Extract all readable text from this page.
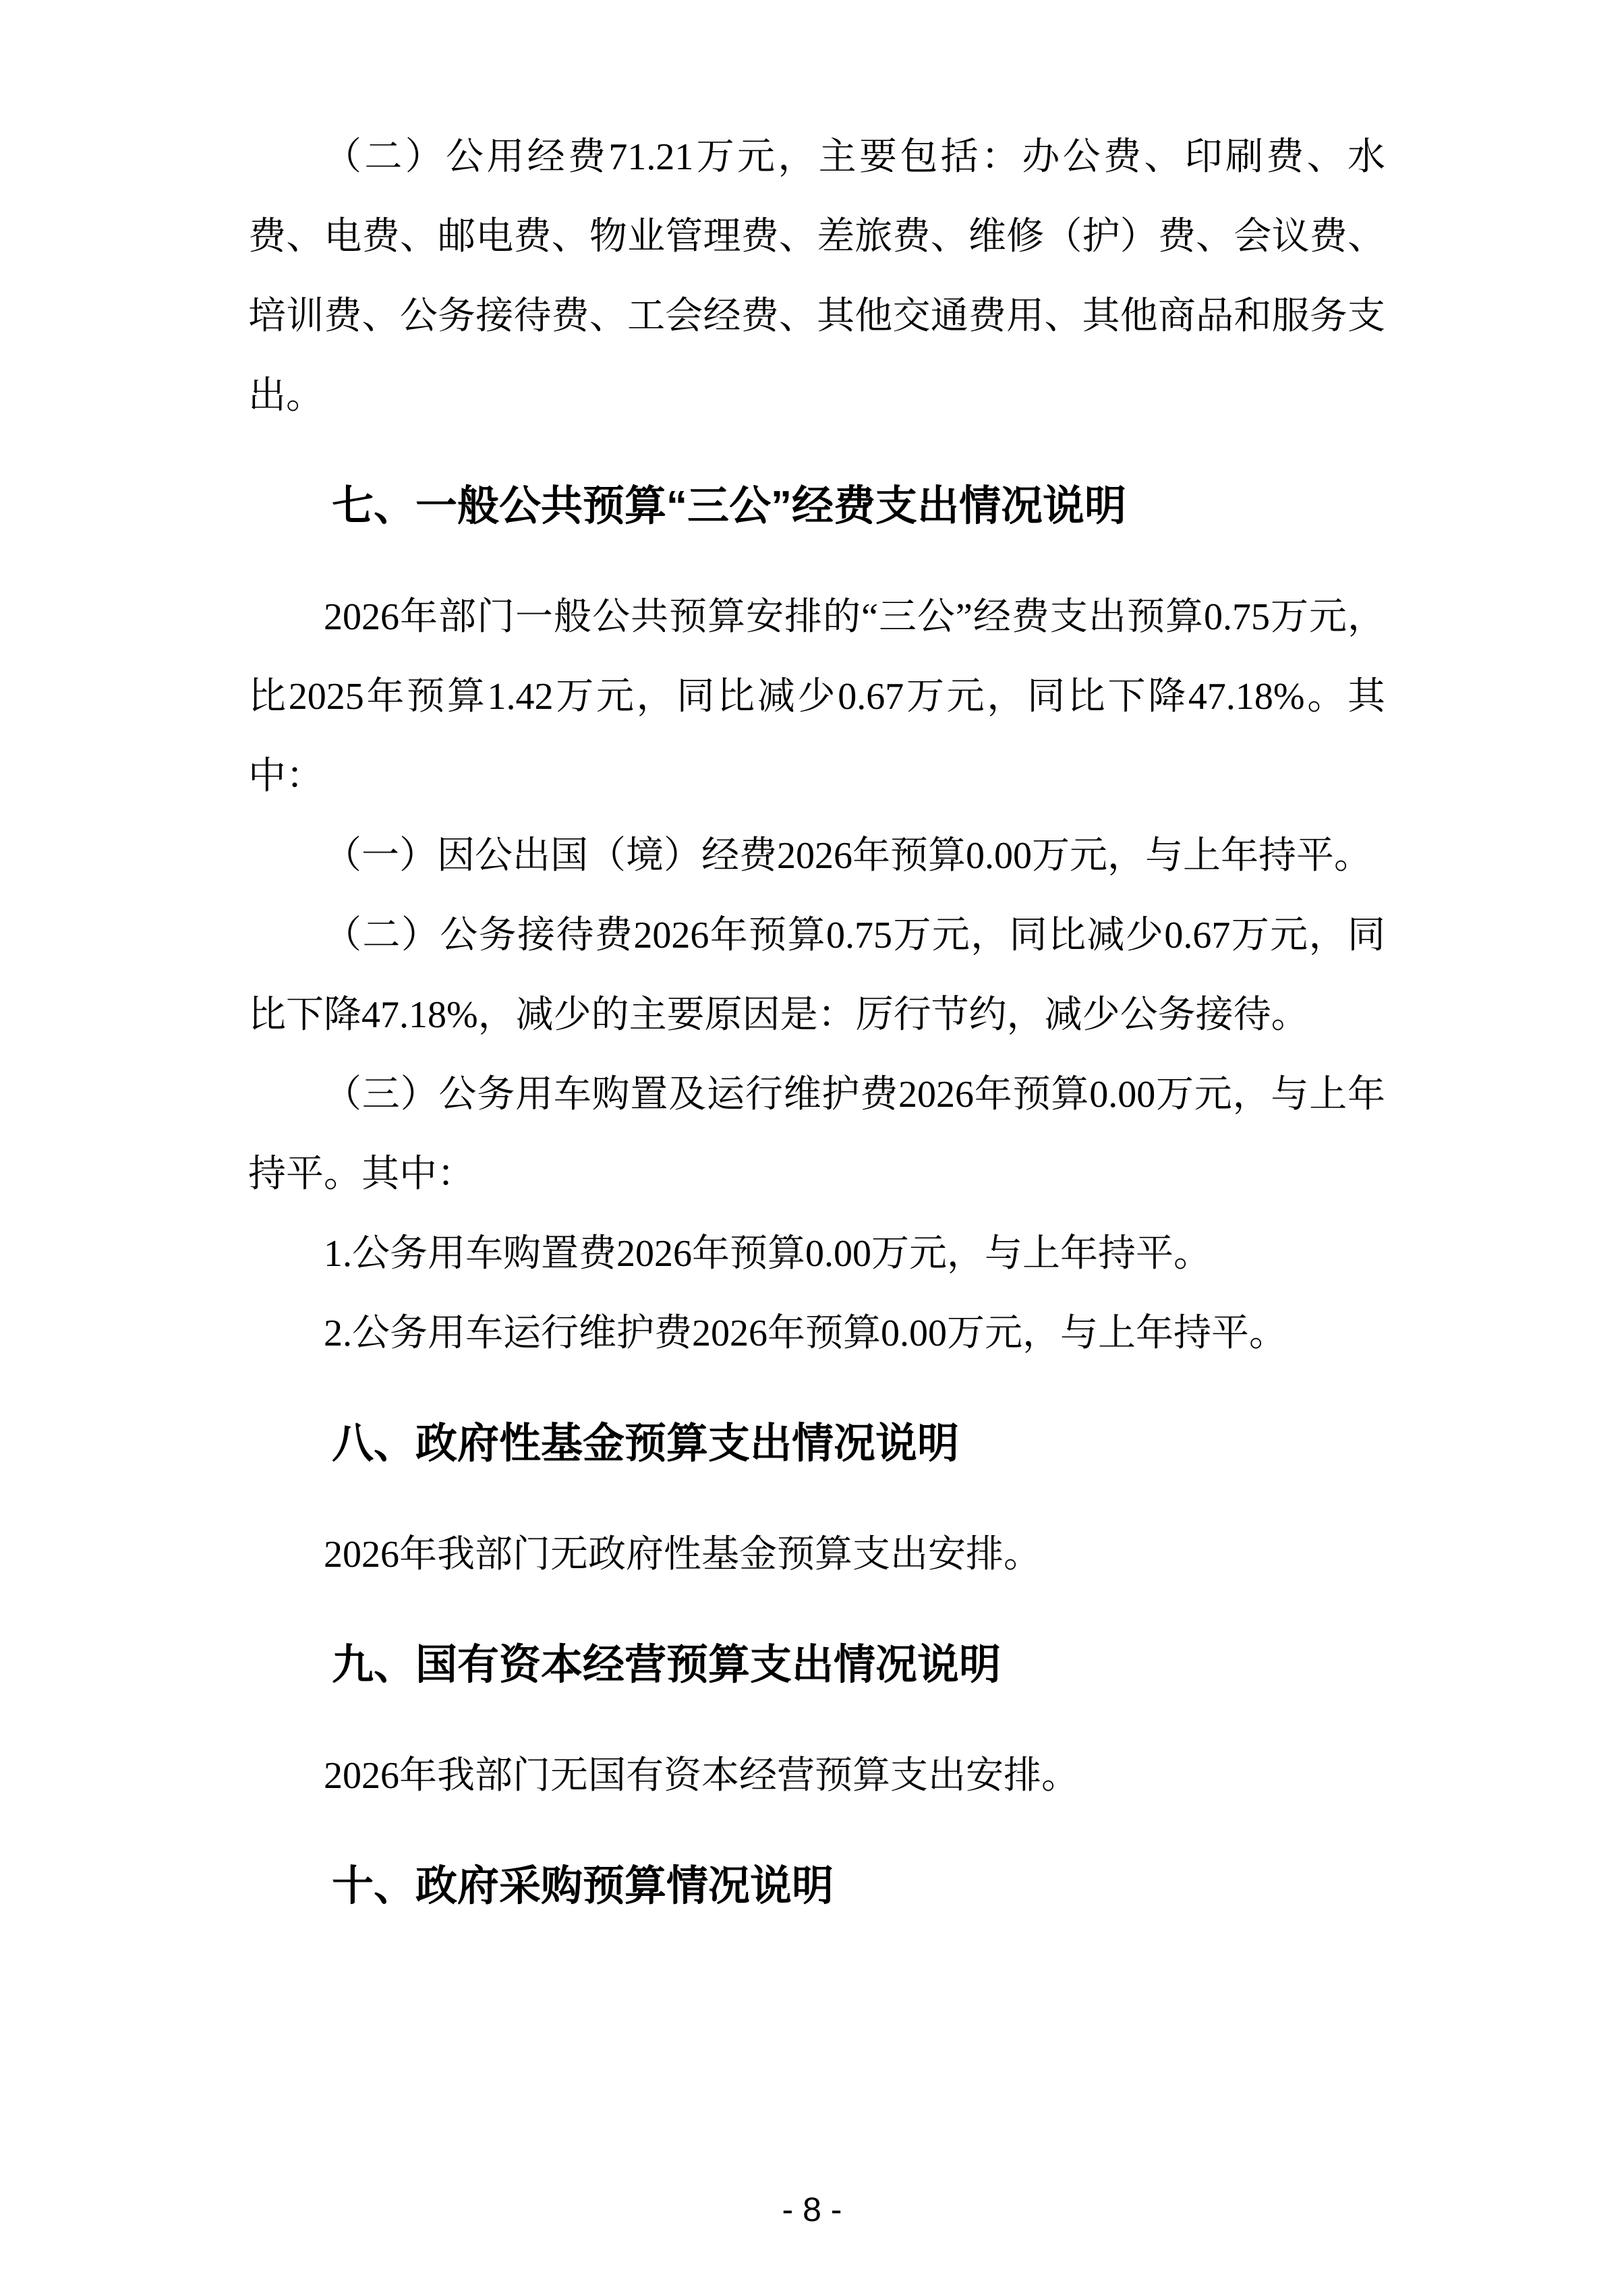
（二）公用经费71.21万元，主要包括：办公费、印刷费、水费、电费、邮电费、物业管理费、差旅费、维修（护）费、会议费、培训费、公务接待费、工会经费、其他交通费用、其他商品和服务支出。

七、一般公共预算“三公”经费支出情况说明

2026年部门一般公共预算安排的“三公”经费支出预算0.75万元，比2025年预算1.42万元，同比减少0.67万元，同比下降47.18%。其中：

（一）因公出国（境）经费2026年预算0.00万元，与上年持平。

（二）公务接待费2026年预算0.75万元，同比减少0.67万元，同比下降47.18%，减少的主要原因是：厉行节约，减少公务接待。

（三）公务用车购置及运行维护费2026年预算0.00万元，与上年持平。其中：

1.公务用车购置费2026年预算0.00万元，与上年持平。

2.公务用车运行维护费2026年预算0.00万元，与上年持平。

八、政府性基金预算支出情况说明

2026年我部门无政府性基金预算支出安排。

九、国有资本经营预算支出情况说明

2026年我部门无国有资本经营预算支出安排。

十、政府采购预算情况说明
- 8 -
